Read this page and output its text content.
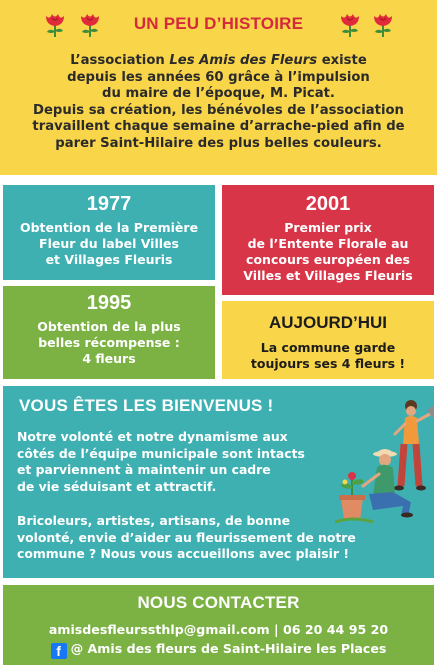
UN PEU D’HISTOIRE
L’association Les Amis des Fleurs existe
depuis les années 60 grâce à l’impulsion
du maire de l’époque, M. Picat.
Depuis sa création, les bénévoles de l’association
travaillent chaque semaine d’arrache-pied afin de
parer Saint-Hilaire des plus belles couleurs.
1977
Obtention de la Première
Fleur du label Villes
et Villages Fleuris
2001
Premier prix
de l’Entente Florale au
concours européen des
Villes et Villages Fleuris
1995
Obtention de la plus
belles récompense :
4 fleurs
AUJOURD’HUI
La commune garde
toujours ses 4 fleurs !
VOUS ÊTES LES BIENVENUS !
Notre volonté et notre dynamisme aux
côtés de l’équipe municipale sont intacts
et parviennent à maintenir un cadre
de vie séduisant et attractif.
Bricoleurs, artistes, artisans, de bonne
volonté, envie d’aider au fleurissement de notre
commune ? Nous vous accueillons avec plaisir !
NOUS CONTACTER
amisdesfleurssthlp@gmail.com | 06 20 44 95 20
f @ Amis des fleurs de Saint-Hilaire les Places
